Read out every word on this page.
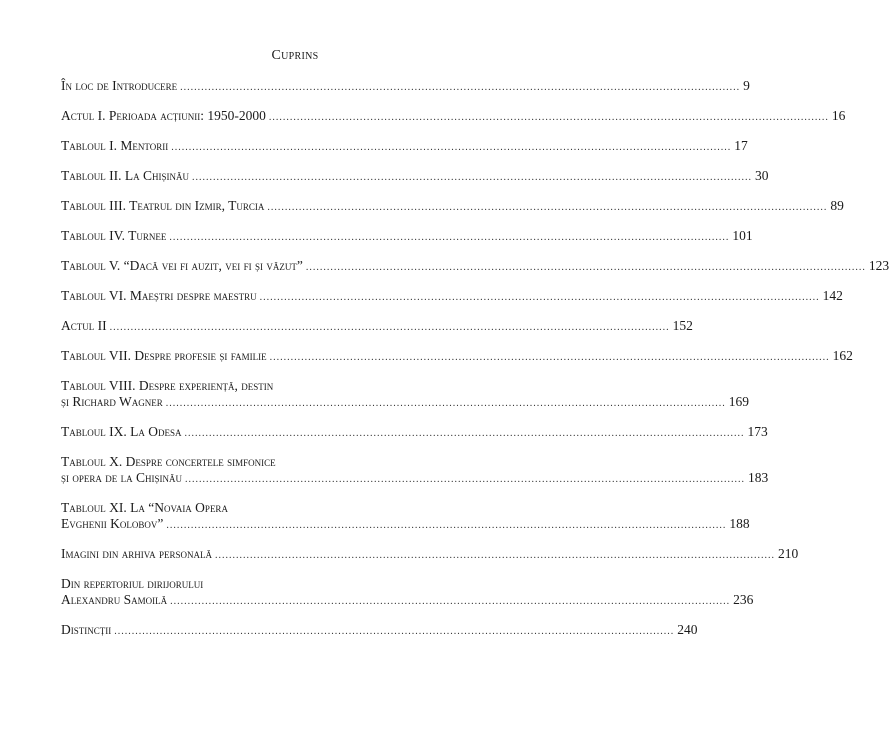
Cuprins
În loc de Introducere ................................................................................................................................................................ 9
Actul I. Perioada acțiunii: 1950-2000 ................................................................................................................................................................ 16
Tabloul I. Mentorii ................................................................................................................................................................ 17
Tabloul II. La Chișinău ................................................................................................................................................................ 30
Tabloul III. Teatrul din Izmir, Turcia ................................................................................................................................................................ 89
Tabloul IV. Turnee ................................................................................................................................................................ 101
Tabloul V. “Dacă vei fi auzit, vei fi și văzut” ................................................................................................................................................................ 123
Tabloul VI. Maeștri despre maestru ................................................................................................................................................................ 142
Actul II ................................................................................................................................................................ 152
Tabloul VII. Despre profesie și familie ................................................................................................................................................................ 162
Tabloul VIII. Despre experiență, destin
și Richard Wagner ................................................................................................................................................................ 169
Tabloul IX. La Odesa ................................................................................................................................................................ 173
Tabloul X. Despre concertele simfonice
și opera de la Chișinău ................................................................................................................................................................ 183
Tabloul XI. La “Novaia Opera
Evghenii Kolobov” ................................................................................................................................................................ 188
Imagini din arhiva personală ................................................................................................................................................................ 210
Din repertoriul dirijorului
Alexandru Samoilă ................................................................................................................................................................ 236
Distincții ................................................................................................................................................................ 240
